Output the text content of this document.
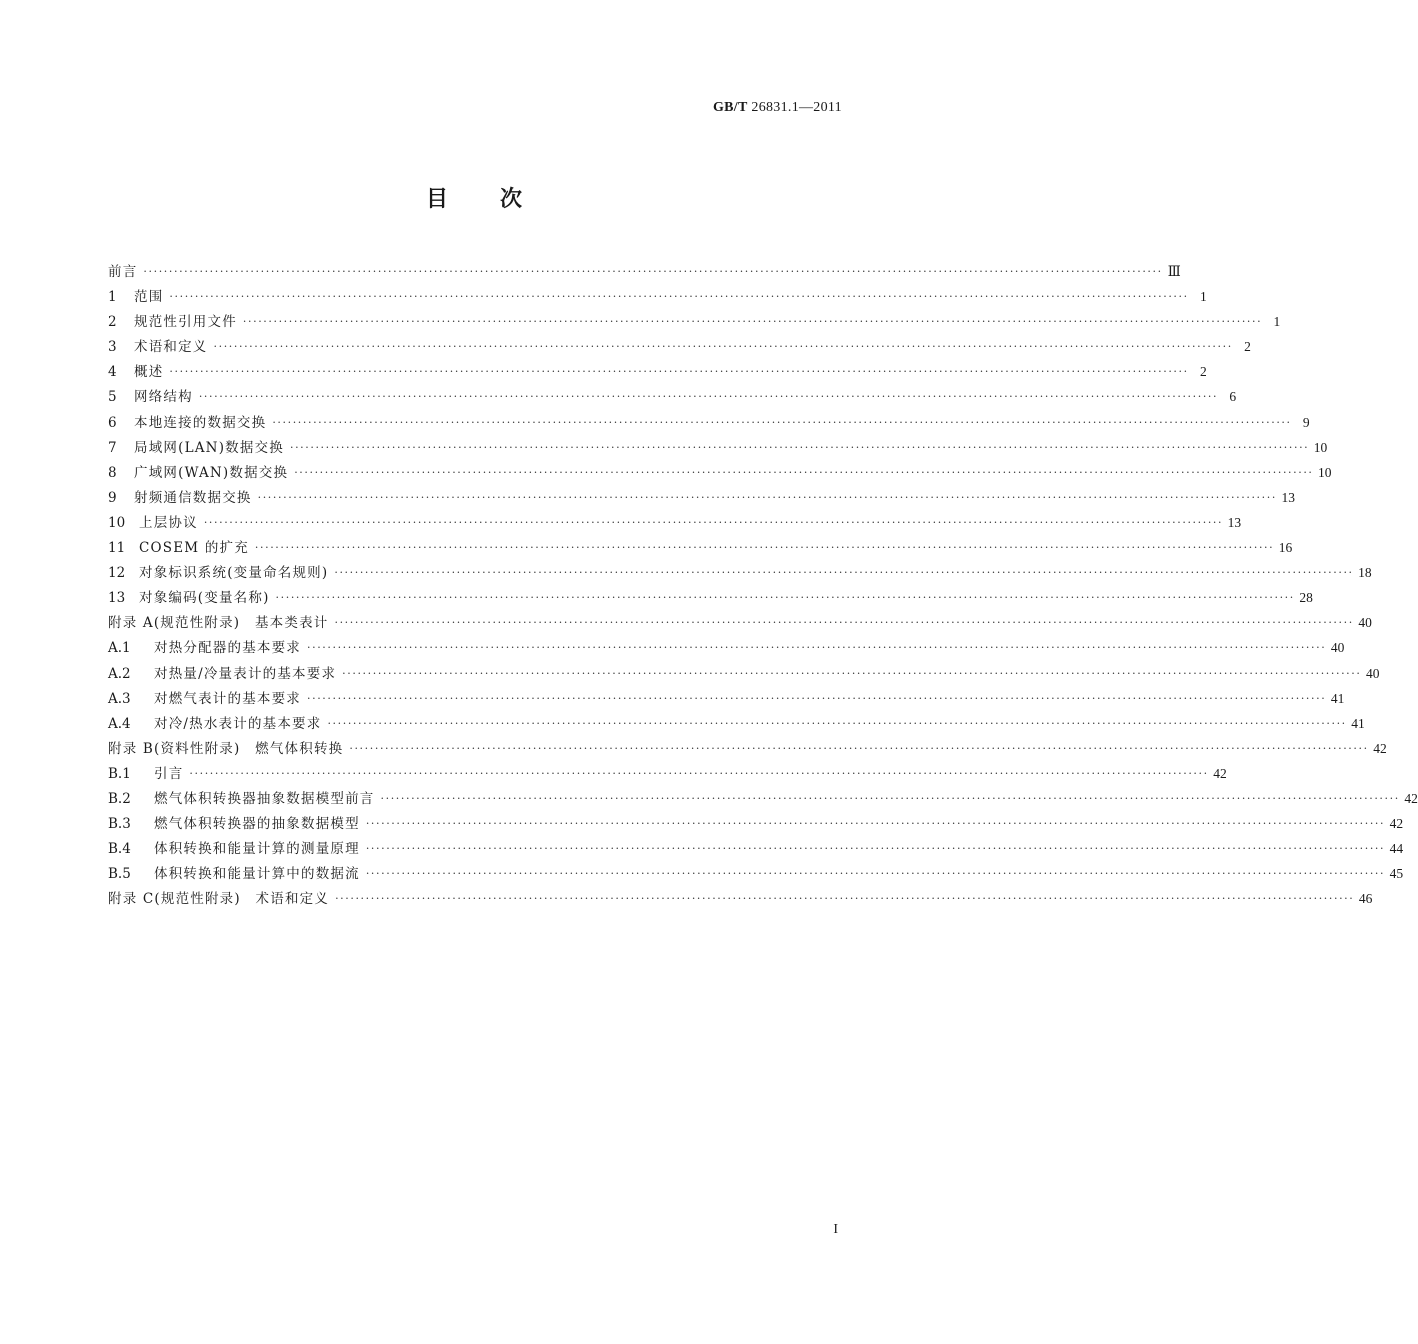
GB/T 26831.1—2011
目 次
前言 ········································································································································································································ Ⅲ
1	范围 ········································································································································································································ 1
2	规范性引用文件 ········································································································································································································ 1
3	术语和定义 ········································································································································································································ 2
4	概述 ········································································································································································································ 2
5	网络结构 ········································································································································································································ 6
6	本地连接的数据交换 ········································································································································································································ 9
7	局域网(LAN)数据交换 ········································································································································································································ 10
8	广域网(WAN)数据交换 ········································································································································································································ 10
9	射频通信数据交换 ········································································································································································································ 13
10	上层协议 ········································································································································································································ 13
11	COSEM 的扩充 ········································································································································································································ 16
12	对象标识系统(变量命名规则) ········································································································································································································ 18
13	对象编码(变量名称) ········································································································································································································ 28
附录 A(规范性附录)　基本类表计 ········································································································································································································ 40
A.1	对热分配器的基本要求 ········································································································································································································ 40
A.2	对热量/冷量表计的基本要求 ········································································································································································································ 40
A.3	对燃气表计的基本要求 ········································································································································································································ 41
A.4	对冷/热水表计的基本要求 ········································································································································································································ 41
附录 B(资料性附录)　燃气体积转换 ········································································································································································································ 42
B.1	引言 ········································································································································································································ 42
B.2	燃气体积转换器抽象数据模型前言 ········································································································································································································ 42
B.3	燃气体积转换器的抽象数据模型 ········································································································································································································ 42
B.4	体积转换和能量计算的测量原理 ········································································································································································································ 44
B.5	体积转换和能量计算中的数据流 ········································································································································································································ 45
附录 C(规范性附录)　术语和定义 ········································································································································································································ 46
I
